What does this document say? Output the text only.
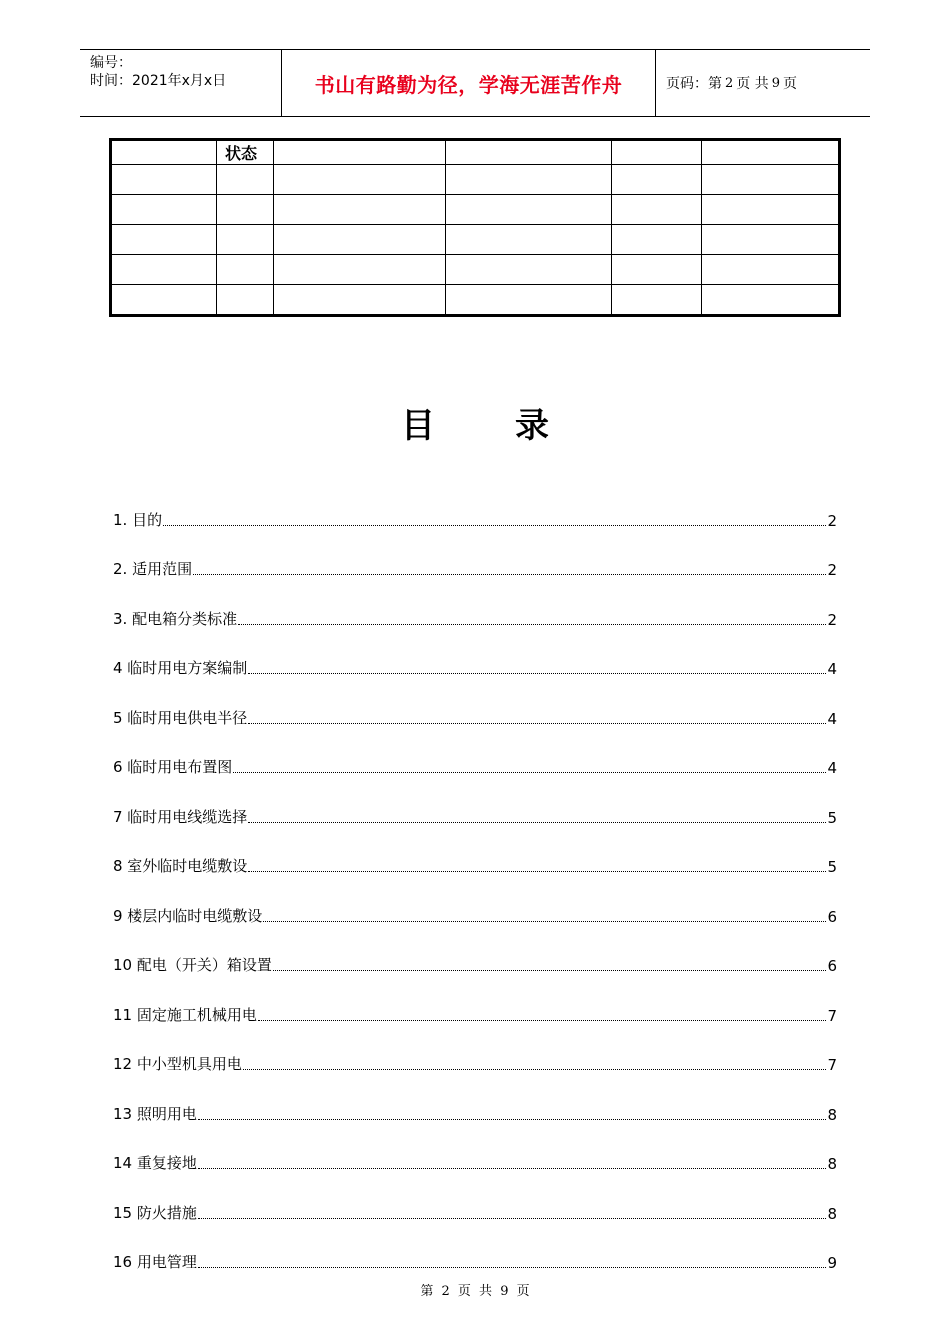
编号：
时间：2021年x月x日	书山有路勤为径，学海无涯苦作舟	页码：第 2 页 共 9 页
	状态				

目录
1. 目的	2
2. 适用范围	2
3. 配电箱分类标准	2
4 临时用电方案编制	4
5 临时用电供电半径	4
6 临时用电布置图	4
7 临时用电线缆选择	5
8 室外临时电缆敷设	5
9 楼层内临时电缆敷设	6
10 配电（开关）箱设置	6
11 固定施工机械用电	7
12 中小型机具用电	7
13 照明用电	8
14 重复接地	8
15 防火措施	8
16 用电管理	9
第 2 页 共 9 页
